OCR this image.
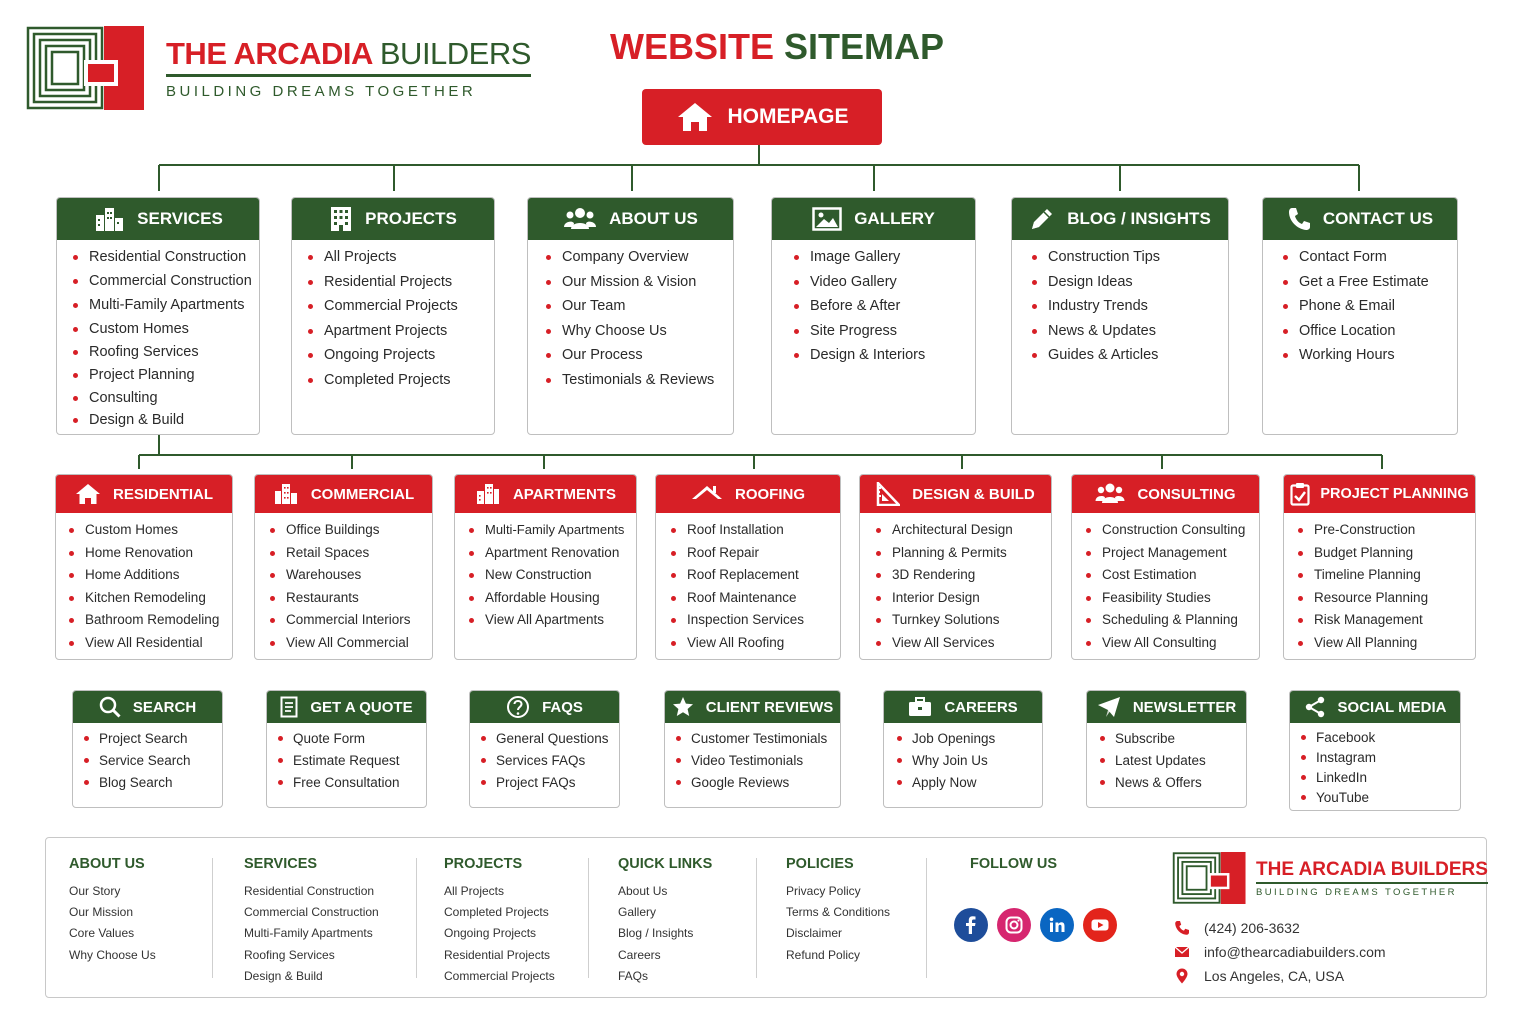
THE ARCADIA BUILDERS
BUILDING DREAMS TOGETHER
WEBSITE SITEMAP
HOMEPAGE
SERVICES
Residential Construction
Commercial Construction
Multi-Family Apartments
Custom Homes
Roofing Services
Project Planning
Consulting
Design & Build
PROJECTS
All Projects
Residential Projects
Commercial Projects
Apartment Projects
Ongoing Projects
Completed Projects
ABOUT US
Company Overview
Our Mission & Vision
Our Team
Why Choose Us
Our Process
Testimonials & Reviews
GALLERY
Image Gallery
Video Gallery
Before & After
Site Progress
Design & Interiors
BLOG / INSIGHTS
Construction Tips
Design Ideas
Industry Trends
News & Updates
Guides & Articles
CONTACT US
Contact Form
Get a Free Estimate
Phone & Email
Office Location
Working Hours
RESIDENTIAL
Custom Homes
Home Renovation
Home Additions
Kitchen Remodeling
Bathroom Remodeling
View All Residential
COMMERCIAL
Office Buildings
Retail Spaces
Warehouses
Restaurants
Commercial Interiors
View All Commercial
APARTMENTS
Multi-Family Apartments
Apartment Renovation
New Construction
Affordable Housing
View All Apartments
ROOFING
Roof Installation
Roof Repair
Roof Replacement
Roof Maintenance
Inspection Services
View All Roofing
DESIGN & BUILD
Architectural Design
Planning & Permits
3D Rendering
Interior Design
Turnkey Solutions
View All Services
CONSULTING
Construction Consulting
Project Management
Cost Estimation
Feasibility Studies
Scheduling & Planning
View All Consulting
PROJECT PLANNING
Pre-Construction
Budget Planning
Timeline Planning
Resource Planning
Risk Management
View All Planning
SEARCH
Project Search
Service Search
Blog Search
GET A QUOTE
Quote Form
Estimate Request
Free Consultation
FAQS
General Questions
Services FAQs
Project FAQs
CLIENT REVIEWS
Customer Testimonials
Video Testimonials
Google Reviews
CAREERS
Job Openings
Why Join Us
Apply Now
NEWSLETTER
Subscribe
Latest Updates
News & Offers
SOCIAL MEDIA
Facebook
Instagram
LinkedIn
YouTube
ABOUT US
Our Story
Our Mission
Core Values
Why Choose Us
SERVICES
Residential Construction
Commercial Construction
Multi-Family Apartments
Roofing Services
Design & Build
PROJECTS
All Projects
Completed Projects
Ongoing Projects
Residential Projects
Commercial Projects
QUICK LINKS
About Us
Gallery
Blog / Insights
Careers
FAQs
POLICIES
Privacy Policy
Terms & Conditions
Disclaimer
Refund Policy
FOLLOW US	THE ARCADIA BUILDERS
BUILDING DREAMS TOGETHER
(424) 206-3632
info@thearcadiabuilders.com
Los Angeles, CA, USA
